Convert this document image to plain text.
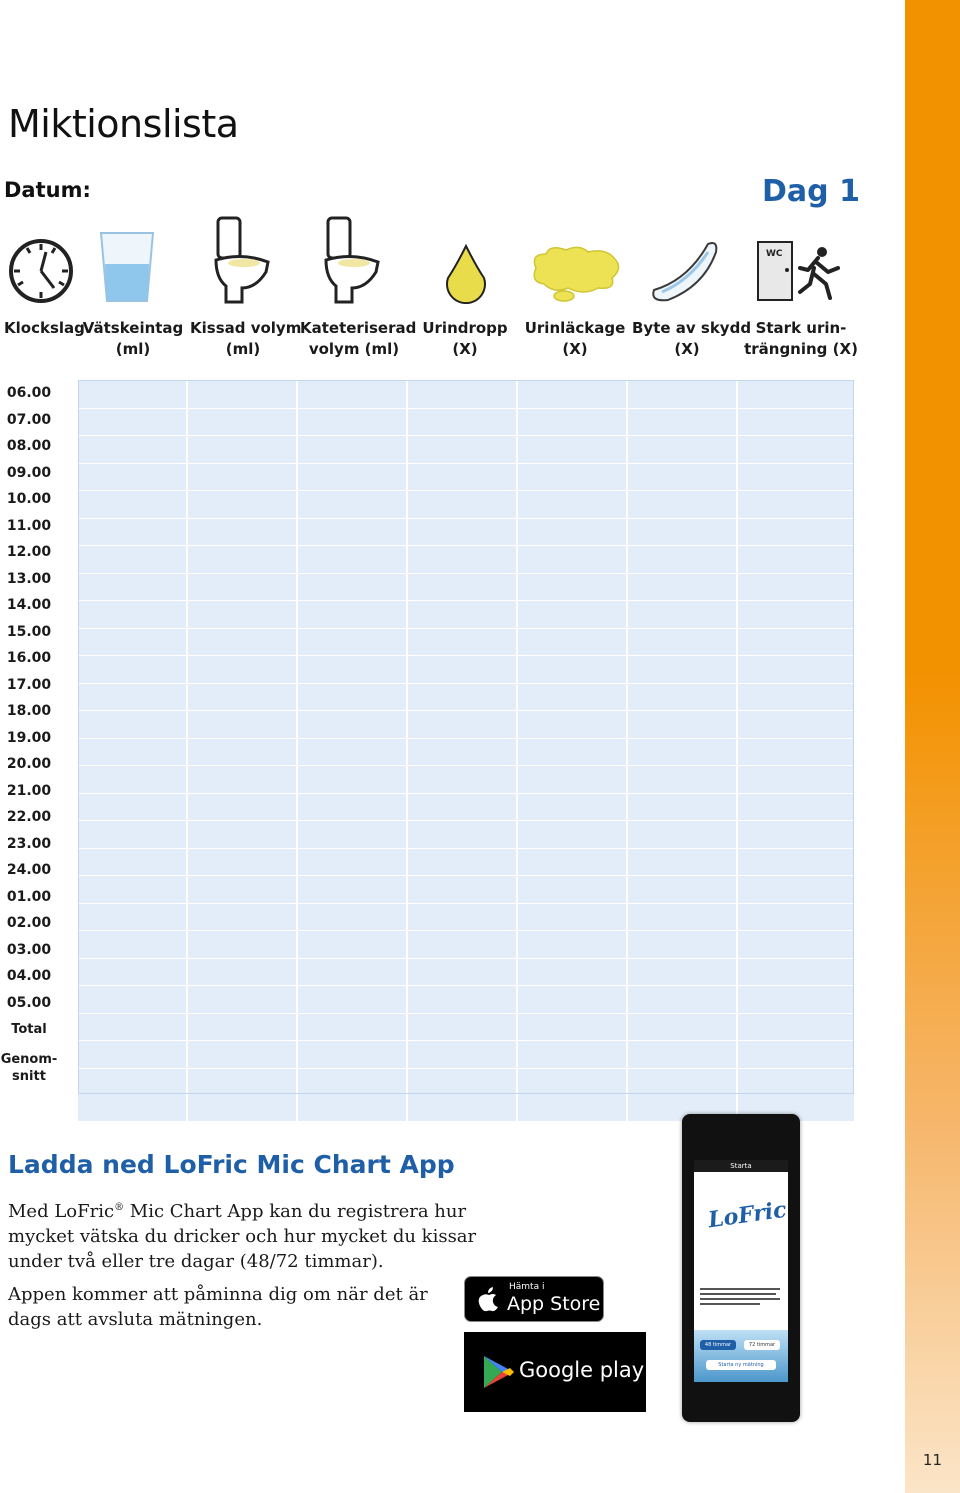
Miktionslista
Datum:	Dag 1
WC
Klockslag
Vätskeintag
(ml)
Kissad volym
(ml)
Kateteriserad
volym (ml)
Urindropp
(X)
Urinläckage
(X)
Byte av skydd
(X)
Stark urin-
trängning (X)
06.00
07.00
08.00
09.00
10.00
11.00
12.00
13.00
14.00
15.00
16.00
17.00
18.00
19.00
20.00
21.00
22.00
23.00
24.00
01.00
02.00
03.00
04.00
05.00
Total
Genom-
snitt
Ladda ned LoFric Mic Chart App
Med LoFric® Mic Chart App kan du registrera hur mycket vätska du dricker och hur mycket du kissar under två eller tre dagar (48/72 timmar).
Appen kommer att påminna dig om när det är dags att avsluta mätningen.
Hämta i
App Store
Google play
Starta
LoFric
48 timmar	72 timmar
Starta ny mätning
11
